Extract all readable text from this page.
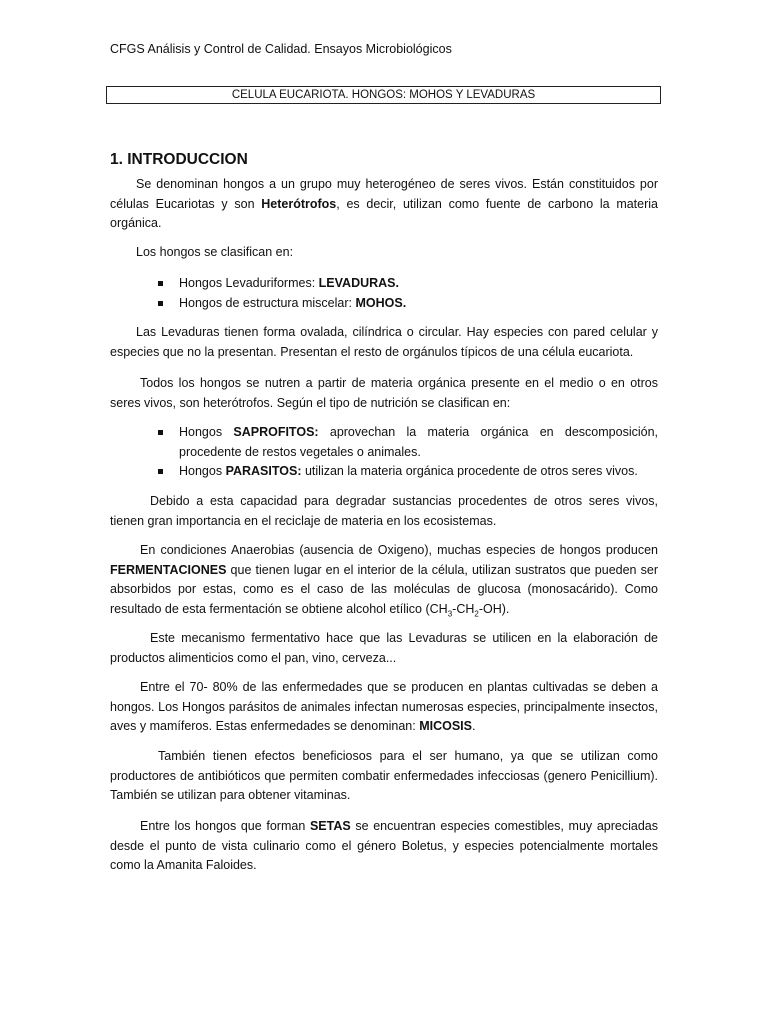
CFGS Análisis y Control de Calidad. Ensayos Microbiológicos
CELULA EUCARIOTA. HONGOS: MOHOS Y LEVADURAS
1. INTRODUCCION

Se denominan hongos a un grupo muy heterogéneo de seres vivos. Están constituidos por células Eucariotas y son Heterótrofos, es decir, utilizan como fuente de carbono la materia orgánica.

Los hongos se clasifican en:

Hongos Levaduriformes: LEVADURAS.
Hongos de estructura miscelar: MOHOS.

Las Levaduras tienen forma ovalada, cilíndrica o circular. Hay especies con pared celular y especies que no la presentan. Presentan el resto de orgánulos típicos de una célula eucariota.

Todos los hongos se nutren a partir de materia orgánica presente en el medio o en otros seres vivos, son heterótrofos. Según el tipo de nutrición se clasifican en:

Hongos SAPROFITOS: aprovechan la materia orgánica en descomposición, procedente de restos vegetales o animales.
Hongos PARASITOS: utilizan la materia orgánica procedente de otros seres vivos.

Debido a esta capacidad para degradar sustancias procedentes de otros seres vivos, tienen gran importancia en el reciclaje de materia en los ecosistemas.

En condiciones Anaerobias (ausencia de Oxigeno), muchas especies de hongos producen FERMENTACIONES que tienen lugar en el interior de la célula, utilizan sustratos que pueden ser absorbidos por estas, como es el caso de las moléculas de glucosa (monosacárido). Como resultado de esta fermentación se obtiene alcohol etílico $(CH_3-CH_2-OH)$.

Este mecanismo fermentativo hace que las Levaduras se utilicen en la elaboración de productos alimenticios como el pan, vino, cerveza...

Entre el 70- 80% de las enfermedades que se producen en plantas cultivadas se deben a hongos. Los Hongos parásitos de animales infectan numerosas especies, principalmente insectos, aves y mamíferos. Estas enfermedades se denominan: MICOSIS.

También tienen efectos beneficiosos para el ser humano, ya que se utilizan como productores de antibióticos que permiten combatir enfermedades infecciosas (genero Penicillium). También se utilizan para obtener vitaminas.

Entre los hongos que forman SETAS se encuentran especies comestibles, muy apreciadas desde el punto de vista culinario como el género Boletus, y especies potencialmente mortales como la Amanita Faloides.
